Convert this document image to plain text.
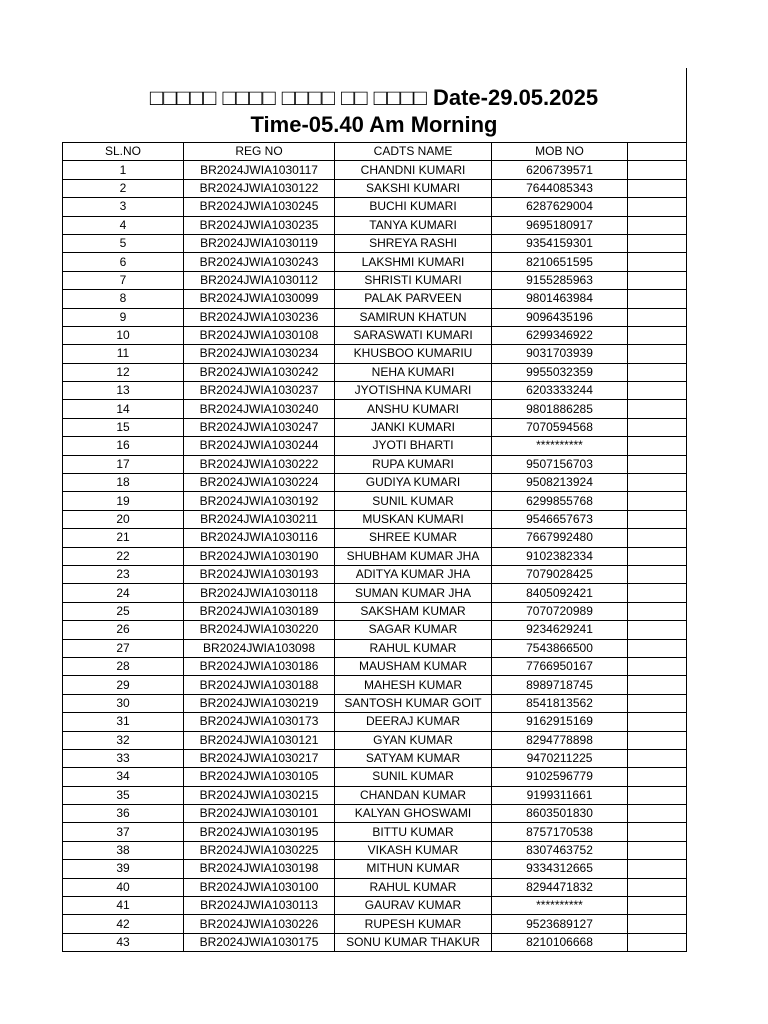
□□□□□ □□□□ □□□□ □□ □□□□ Date-29.05.2025
Time-05.40 Am Morning
SL.NO	REG NO	CADTS NAME	MOB NO	
1	BR2024JWIA1030117	CHANDNI KUMARI	6206739571	
2	BR2024JWIA1030122	SAKSHI KUMARI	7644085343	
3	BR2024JWIA1030245	BUCHI KUMARI	6287629004	
4	BR2024JWIA1030235	TANYA KUMARI	9695180917	
5	BR2024JWIA1030119	SHREYA RASHI	9354159301	
6	BR2024JWIA1030243	LAKSHMI KUMARI	8210651595	
7	BR2024JWIA1030112	SHRISTI KUMARI	9155285963	
8	BR2024JWIA1030099	PALAK PARVEEN	9801463984	
9	BR2024JWIA1030236	SAMIRUN KHATUN	9096435196	
10	BR2024JWIA1030108	SARASWATI KUMARI	6299346922	
11	BR2024JWIA1030234	KHUSBOO KUMARIU	9031703939	
12	BR2024JWIA1030242	NEHA KUMARI	9955032359	
13	BR2024JWIA1030237	JYOTISHNA KUMARI	6203333244	
14	BR2024JWIA1030240	ANSHU KUMARI	9801886285	
15	BR2024JWIA1030247	JANKI KUMARI	7070594568	
16	BR2024JWIA1030244	JYOTI BHARTI	**********	
17	BR2024JWIA1030222	RUPA KUMARI	9507156703	
18	BR2024JWIA1030224	GUDIYA KUMARI	9508213924	
19	BR2024JWIA1030192	SUNIL KUMAR	6299855768	
20	BR2024JWIA1030211	MUSKAN KUMARI	9546657673	
21	BR2024JWIA1030116	SHREE KUMAR	7667992480	
22	BR2024JWIA1030190	SHUBHAM KUMAR JHA	9102382334	
23	BR2024JWIA1030193	ADITYA KUMAR JHA	7079028425	
24	BR2024JWIA1030118	SUMAN KUMAR JHA	8405092421	
25	BR2024JWIA1030189	SAKSHAM KUMAR	7070720989	
26	BR2024JWIA1030220	SAGAR KUMAR	9234629241	
27	BR2024JWIA103098	RAHUL KUMAR	7543866500	
28	BR2024JWIA1030186	MAUSHAM KUMAR	7766950167	
29	BR2024JWIA1030188	MAHESH KUMAR	8989718745	
30	BR2024JWIA1030219	SANTOSH KUMAR GOIT	8541813562	
31	BR2024JWIA1030173	DEERAJ KUMAR	9162915169	
32	BR2024JWIA1030121	GYAN KUMAR	8294778898	
33	BR2024JWIA1030217	SATYAM KUMAR	9470211225	
34	BR2024JWIA1030105	SUNIL KUMAR	9102596779	
35	BR2024JWIA1030215	CHANDAN KUMAR	9199311661	
36	BR2024JWIA1030101	KALYAN GHOSWAMI	8603501830	
37	BR2024JWIA1030195	BITTU KUMAR	8757170538	
38	BR2024JWIA1030225	VIKASH KUMAR	8307463752	
39	BR2024JWIA1030198	MITHUN KUMAR	9334312665	
40	BR2024JWIA1030100	RAHUL KUMAR	8294471832	
41	BR2024JWIA1030113	GAURAV KUMAR	**********	
42	BR2024JWIA1030226	RUPESH KUMAR	9523689127	
43	BR2024JWIA1030175	SONU KUMAR THAKUR	8210106668	
